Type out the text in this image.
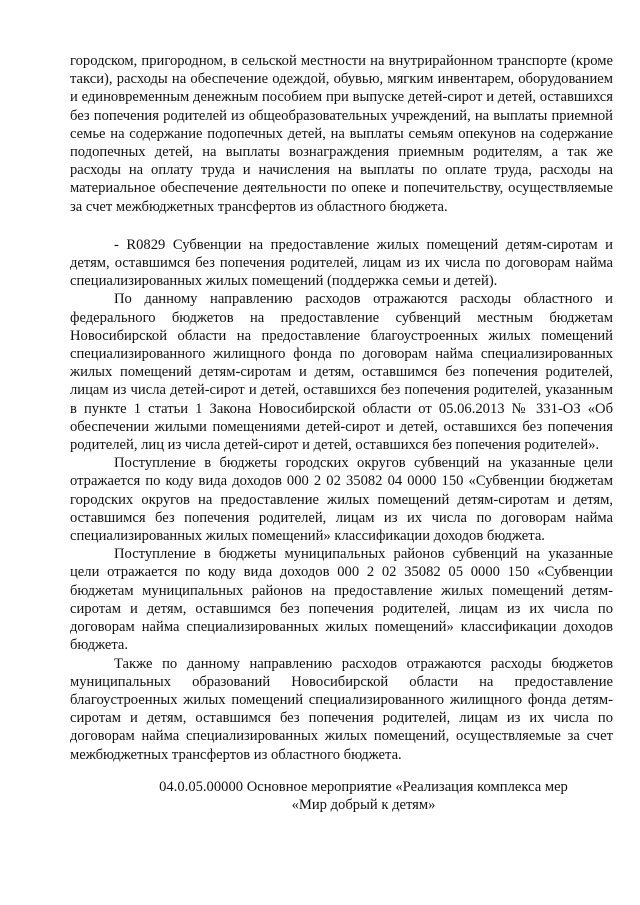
городском, пригородном, в сельской местности на внутрирайонном транспорте (кроме такси), расходы на обеспечение одеждой, обувью, мягким инвентарем, оборудованием и единовременным денежным пособием при выпуске детей-сирот и детей, оставшихся без попечения родителей из общеобразовательных учреждений, на выплаты приемной семье на содержание подопечных детей, на выплаты семьям опекунов на содержание подопечных детей, на выплаты вознаграждения приемным родителям, а так же расходы на оплату труда и начисления на выплаты по оплате труда, расходы на материальное обеспечение деятельности по опеке и попечительству, осуществляемые за счет межбюджетных трансфертов из областного бюджета.

- R0829 Субвенции на предоставление жилых помещений детям-сиротам и детям, оставшимся без попечения родителей, лицам из их числа по договорам найма специализированных жилых помещений (поддержка семьи и детей).

По данному направлению расходов отражаются расходы областного и федерального бюджетов на предоставление субвенций местным бюджетам Новосибирской области на предоставление благоустроенных жилых помещений специализированного жилищного фонда по договорам найма специализированных жилых помещений детям-сиротам и детям, оставшимся без попечения родителей, лицам из числа детей-сирот и детей, оставшихся без попечения родителей, указанным в пункте 1 статьи 1 Закона Новосибирской области от 05.06.2013 № 331-ОЗ «Об обеспечении жилыми помещениями детей-сирот и детей, оставшихся без попечения родителей, лиц из числа детей-сирот и детей, оставшихся без попечения родителей».

Поступление в бюджеты городских округов субвенций на указанные цели отражается по коду вида доходов 000 2 02 35082 04 0000 150 «Субвенции бюджетам городских округов на предоставление жилых помещений детям-сиротам и детям, оставшимся без попечения родителей, лицам из их числа по договорам найма специализированных жилых помещений» классификации доходов бюджета.

Поступление в бюджеты муниципальных районов субвенций на указанные цели отражается по коду вида доходов 000 2 02 35082 05 0000 150 «Субвенции бюджетам муниципальных районов на предоставление жилых помещений детям-сиротам и детям, оставшимся без попечения родителей, лицам из их числа по договорам найма специализированных жилых помещений» классификации доходов бюджета.

Также по данному направлению расходов отражаются расходы бюджетов муниципальных образований Новосибирской области на предоставление благоустроенных жилых помещений специализированного жилищного фонда детям-сиротам и детям, оставшимся без попечения родителей, лицам из их числа по договорам найма специализированных жилых помещений, осуществляемые за счет межбюджетных трансфертов из областного бюджета.

04.0.05.00000 Основное мероприятие «Реализация комплекса мер

«Мир добрый к детям»
